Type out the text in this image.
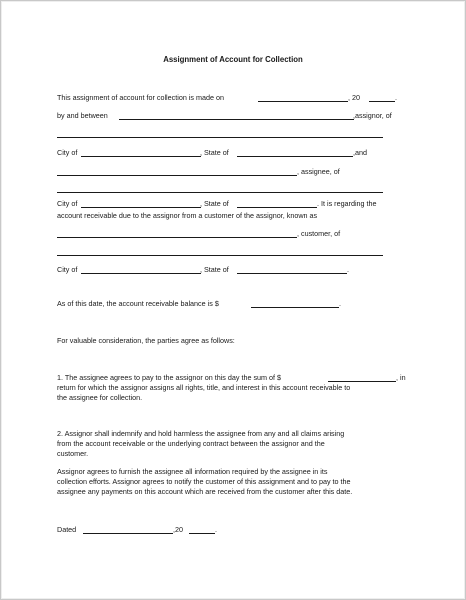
Assignment of Account for Collection
This assignment of account for collection is made on	, 20	.
by and between	,assignor, of
City of	, State of	,and
, assignee, of
City of	, State of	. It is regarding the
account receivable due to the assignor from a customer of the assignor, known as
, customer, of
City of	, State of	.
As of this date, the account receivable balance is $	.
For valuable consideration, the parties agree as follows:
1. The assignee agrees to pay to the assignor on this day the sum of $	, in
return for which the assignor assigns all rights, title, and interest in this account receivable to
the assignee for collection.
2. Assignor shall indemnify and hold harmless the assignee from any and all claims arising
from the account receivable or the underlying contract between the assignor and the
customer.
Assignor agrees to furnish the assignee all information required by the assignee in its
collection efforts. Assignor agrees to notify the customer of this assignment and to pay to the
assignee any payments on this account which are received from the customer after this date.
Dated	,20	.
